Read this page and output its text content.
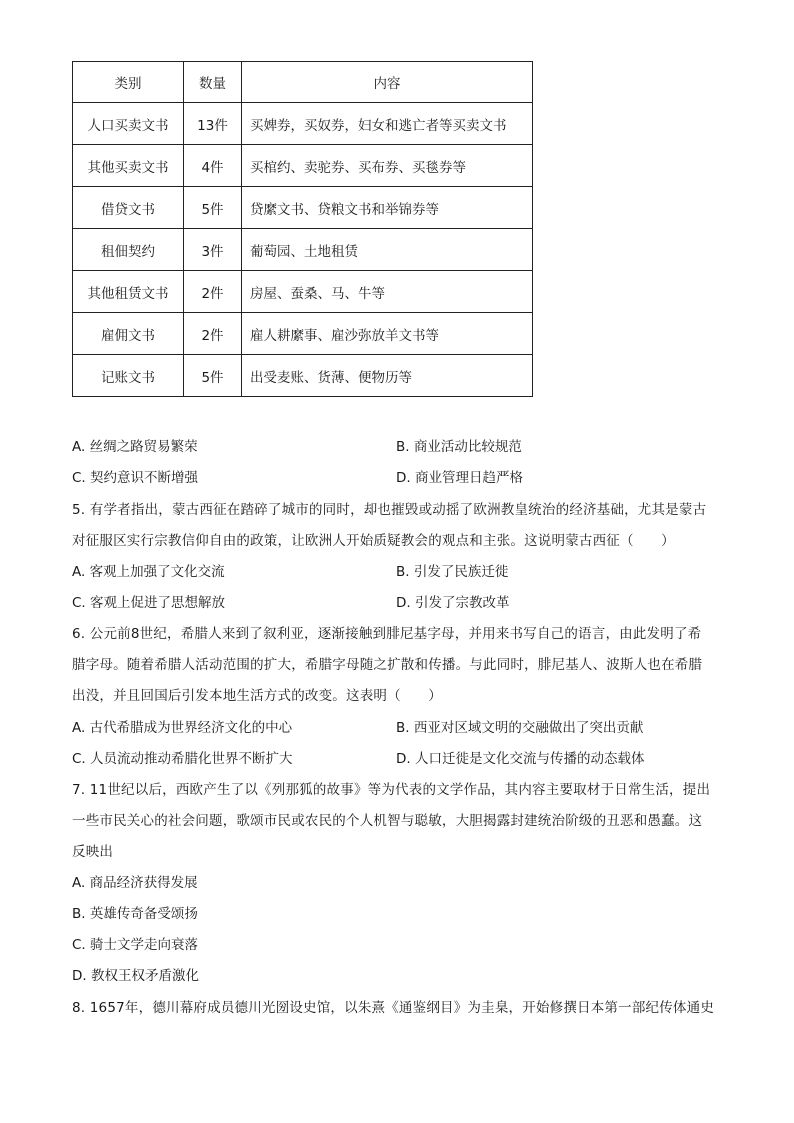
类别	数量	内容
人口买卖文书	13件	买婢券，买奴券，妇女和逃亡者等买卖文书
其他买卖文书	4件	买棺约、卖驼券、买布券、买毯券等
借贷文书	5件	贷縻文书、贷粮文书和举锦券等
租佃契约	3件	葡萄园、土地租赁
其他租赁文书	2件	房屋、蚕桑、马、牛等
雇佣文书	2件	雇人耕縻事、雇沙弥放羊文书等
记账文书	5件	出受麦账、货薄、便物历等
A. 丝绸之路贸易繁荣	B. 商业活动比较规范
C. 契约意识不断增强	D. 商业管理日趋严格
5. 有学者指出，蒙古西征在踏碎了城市的同时，却也摧毁或动摇了欧洲教皇统治的经济基础，尤其是蒙古
对征服区实行宗教信仰自由的政策，让欧洲人开始质疑教会的观点和主张。这说明蒙古西征（　　）
A. 客观上加强了文化交流	B. 引发了民族迁徙
C. 客观上促进了思想解放	D. 引发了宗教改革
6. 公元前8世纪，希腊人来到了叙利亚，逐渐接触到腓尼基字母，并用来书写自己的语言，由此发明了希
腊字母。随着希腊人活动范围的扩大，希腊字母随之扩散和传播。与此同时，腓尼基人、波斯人也在希腊
出没，并且回国后引发本地生活方式的改变。这表明（　　）
A. 古代希腊成为世界经济文化的中心	B. 西亚对区域文明的交融做出了突出贡献
C. 人员流动推动希腊化世界不断扩大	D. 人口迁徙是文化交流与传播的动态载体
7. 11世纪以后，西欧产生了以《列那狐的故事》等为代表的文学作品，其内容主要取材于日常生活，提出
一些市民关心的社会问题，歌颂市民或农民的个人机智与聪敏，大胆揭露封建统治阶级的丑恶和愚蠢。这
反映出
A. 商品经济获得发展
B. 英雄传奇备受颂扬
C. 骑士文学走向衰落
D. 教权王权矛盾激化
8. 1657年，德川幕府成员德川光圀设史馆，以朱熹《通鉴纲目》为圭臬，开始修撰日本第一部纪传体通史
